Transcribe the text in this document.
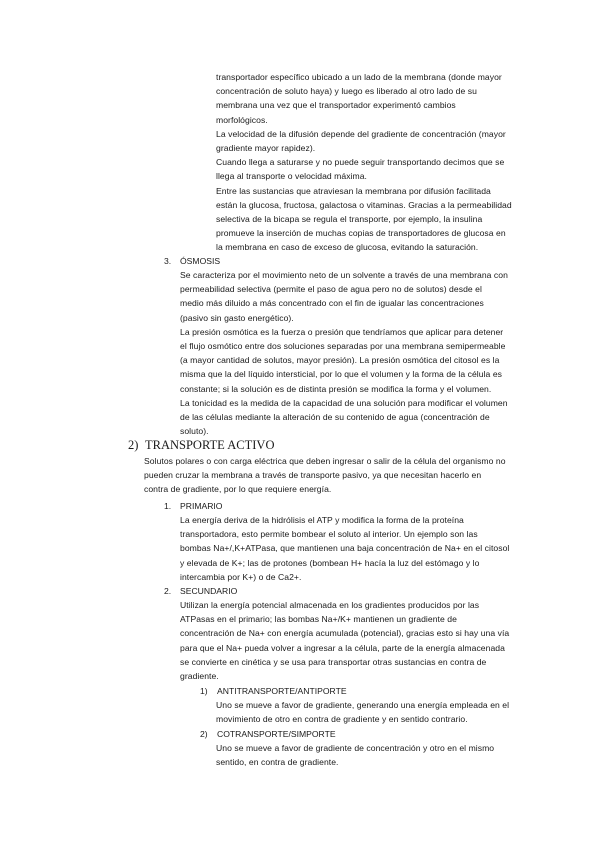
transportador específico ubicado a un lado de la membrana (donde mayor

concentración de soluto haya) y luego es liberado al otro lado de su

membrana una vez que el transportador experimentó cambios

morfológicos.

La velocidad de la difusión depende del gradiente de concentración (mayor

gradiente mayor rapidez).

Cuando llega a saturarse y no puede seguir transportando decimos que se

llega al transporte o velocidad máxima.

Entre las sustancias que atraviesan la membrana por difusión facilitada

están la glucosa, fructosa, galactosa o vitaminas. Gracias a la permeabilidad

selectiva de la bicapa se regula el transporte, por ejemplo, la insulina

promueve la inserción de muchas copias de transportadores de glucosa en

la membrana en caso de exceso de glucosa, evitando la saturación.

3. ÓSMOSIS

Se caracteriza por el movimiento neto de un solvente a través de una membrana con

permeabilidad selectiva (permite el paso de agua pero no de solutos) desde el

medio más diluido a más concentrado con el fin de igualar las concentraciones

(pasivo sin gasto energético).

La presión osmótica es la fuerza o presión que tendríamos que aplicar para detener

el flujo osmótico entre dos soluciones separadas por una membrana semipermeable

(a mayor cantidad de solutos, mayor presión). La presión osmótica del citosol es la

misma que la del líquido intersticial, por lo que el volumen y la forma de la célula es

constante; si la solución es de distinta presión se modifica la forma y el volumen.

La tonicidad es la medida de la capacidad de una solución para modificar el volumen

de las células mediante la alteración de su contenido de agua (concentración de

soluto).

2) TRANSPORTE ACTIVO

Solutos polares o con carga eléctrica que deben ingresar o salir de la célula del organismo no

pueden cruzar la membrana a través de transporte pasivo, ya que necesitan hacerlo en

contra de gradiente, por lo que requiere energía.

1. PRIMARIO

La energía deriva de la hidrólisis el ATP y modifica la forma de la proteína

transportadora, esto permite bombear el soluto al interior. Un ejemplo son las

bombas Na+/,K+ATPasa, que mantienen una baja concentración de Na+ en el citosol

y elevada de K+; las de protones (bombean H+ hacía la luz del estómago y lo

intercambia por K+) o de Ca2+.

2. SECUNDARIO

Utilizan la energía potencial almacenada en los gradientes producidos por las

ATPasas en el primario; las bombas Na+/K+ mantienen un gradiente de

concentración de Na+ con energía acumulada (potencial), gracias esto si hay una vía

para que el Na+ pueda volver a ingresar a la célula, parte de la energía almacenada

se convierte en cinética y se usa para transportar otras sustancias en contra de

gradiente.

1) ANTITRANSPORTE/ANTIPORTE

Uno se mueve a favor de gradiente, generando una energía empleada en el

movimiento de otro en contra de gradiente y en sentido contrario.

2) COTRANSPORTE/SIMPORTE

Uno se mueve a favor de gradiente de concentración y otro en el mismo

sentido, en contra de gradiente.
